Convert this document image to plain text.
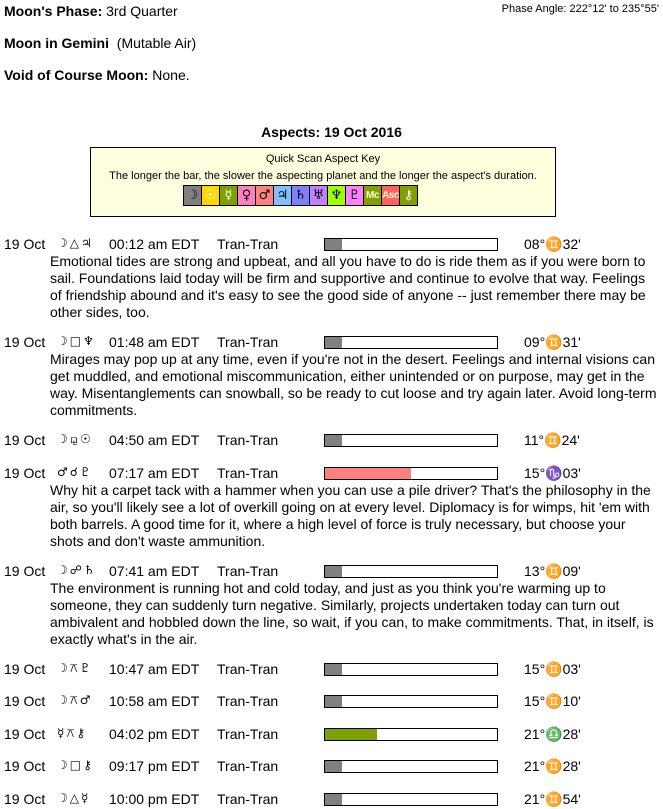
Moon's Phase: 3rd Quarter	Phase Angle: 222°12' to 235°55'
Moon in Gemini (Mutable Air)
Void of Course Moon: None.
Aspects: 19 Oct 2016
Quick Scan Aspect Key
The longer the bar, the slower the aspecting planet and the longer the aspect's duration.
☽ ☉ ☿ ♀ ♂ ♃ ♄ ♅ ♆ ♇ Mc Asc ⚷
19 Oct ☽△♃ 00:12 am EDT Tran-Tran	08°♊32'
Emotional tides are strong and upbeat, and all you have to do is ride them as if you were born to sail. Foundations laid today will be firm and supportive and continue to evolve that way. Feelings of friendship abound and it's easy to see the good side of anyone -- just remember there may be other sides, too.
19 Oct ☽□♆ 01:48 am EDT Tran-Tran	09°♊31'
Mirages may pop up at any time, even if you're not in the desert. Feelings and internal visions can get muddled, and emotional miscommunication, either unintended or on purpose, may get in the way. Misentanglements can snowball, so be ready to cut loose and try again later. Avoid long-term commitments.
19 Oct ☽⚼☉ 04:50 am EDT Tran-Tran	11°♊24'
19 Oct ♂☌♇ 07:17 am EDT Tran-Tran	15°♑03'
Why hit a carpet tack with a hammer when you can use a pile driver? That's the philosophy in the air, so you'll likely see a lot of overkill going on at every level. Diplomacy is for wimps, hit 'em with both barrels. A good time for it, where a high level of force is truly necessary, but choose your shots and don't waste ammunition.
19 Oct ☽☍♄ 07:41 am EDT Tran-Tran	13°♊09'
The environment is running hot and cold today, and just as you think you're warming up to someone, they can suddenly turn negative. Similarly, projects undertaken today can turn out ambivalent and hobbled down the line, so wait, if you can, to make commitments. That, in itself, is exactly what's in the air.
19 Oct ☽⚻♇ 10:47 am EDT Tran-Tran	15°♊03'
19 Oct ☽⚻♂ 10:58 am EDT Tran-Tran	15°♊10'
19 Oct ☿⚻⚷ 04:02 pm EDT Tran-Tran	21°♎28'
19 Oct ☽□⚷ 09:17 pm EDT Tran-Tran	21°♊28'
19 Oct ☽△☿ 10:00 pm EDT Tran-Tran	21°♊54'
